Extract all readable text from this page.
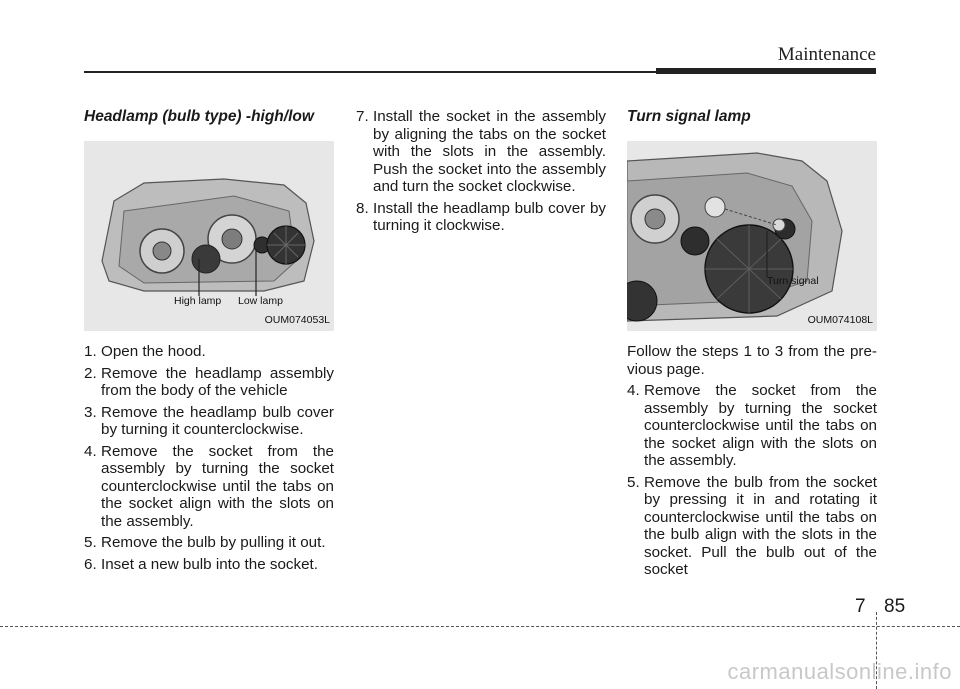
Maintenance
Headlamp (bulb type) -high/low
High lamp Low lamp
OUM074053L
1. Open the hood.
2. Remove the headlamp assembly from the body of the vehicle
3. Remove the headlamp bulb cover by turning it counterclockwise.
4. Remove the socket from the assembly by turning the socket counterclockwise until the tabs on the socket align with the slots on the assembly.
5. Remove the bulb by pulling it out.
6. Inset a new bulb into the socket.
7. Install the socket in the assembly by aligning the tabs on the socket with the slots in the assembly. Push the socket into the assembly and turn the socket clockwise.
8. Install the headlamp bulb cover by turning it clockwise.
Turn signal lamp
Turn signal
OUM074108L

Follow the steps 1 to 3 from the pre- vious page.

4. Remove the socket from the assembly by turning the socket counterclockwise until the tabs on the socket align with the slots on the assembly.
5. Remove the bulb from the socket by pressing it in and rotating it counterclockwise until the tabs on the bulb align with the slots in the socket. Pull the bulb out of the socket
7 85
carmanualsonline.info
